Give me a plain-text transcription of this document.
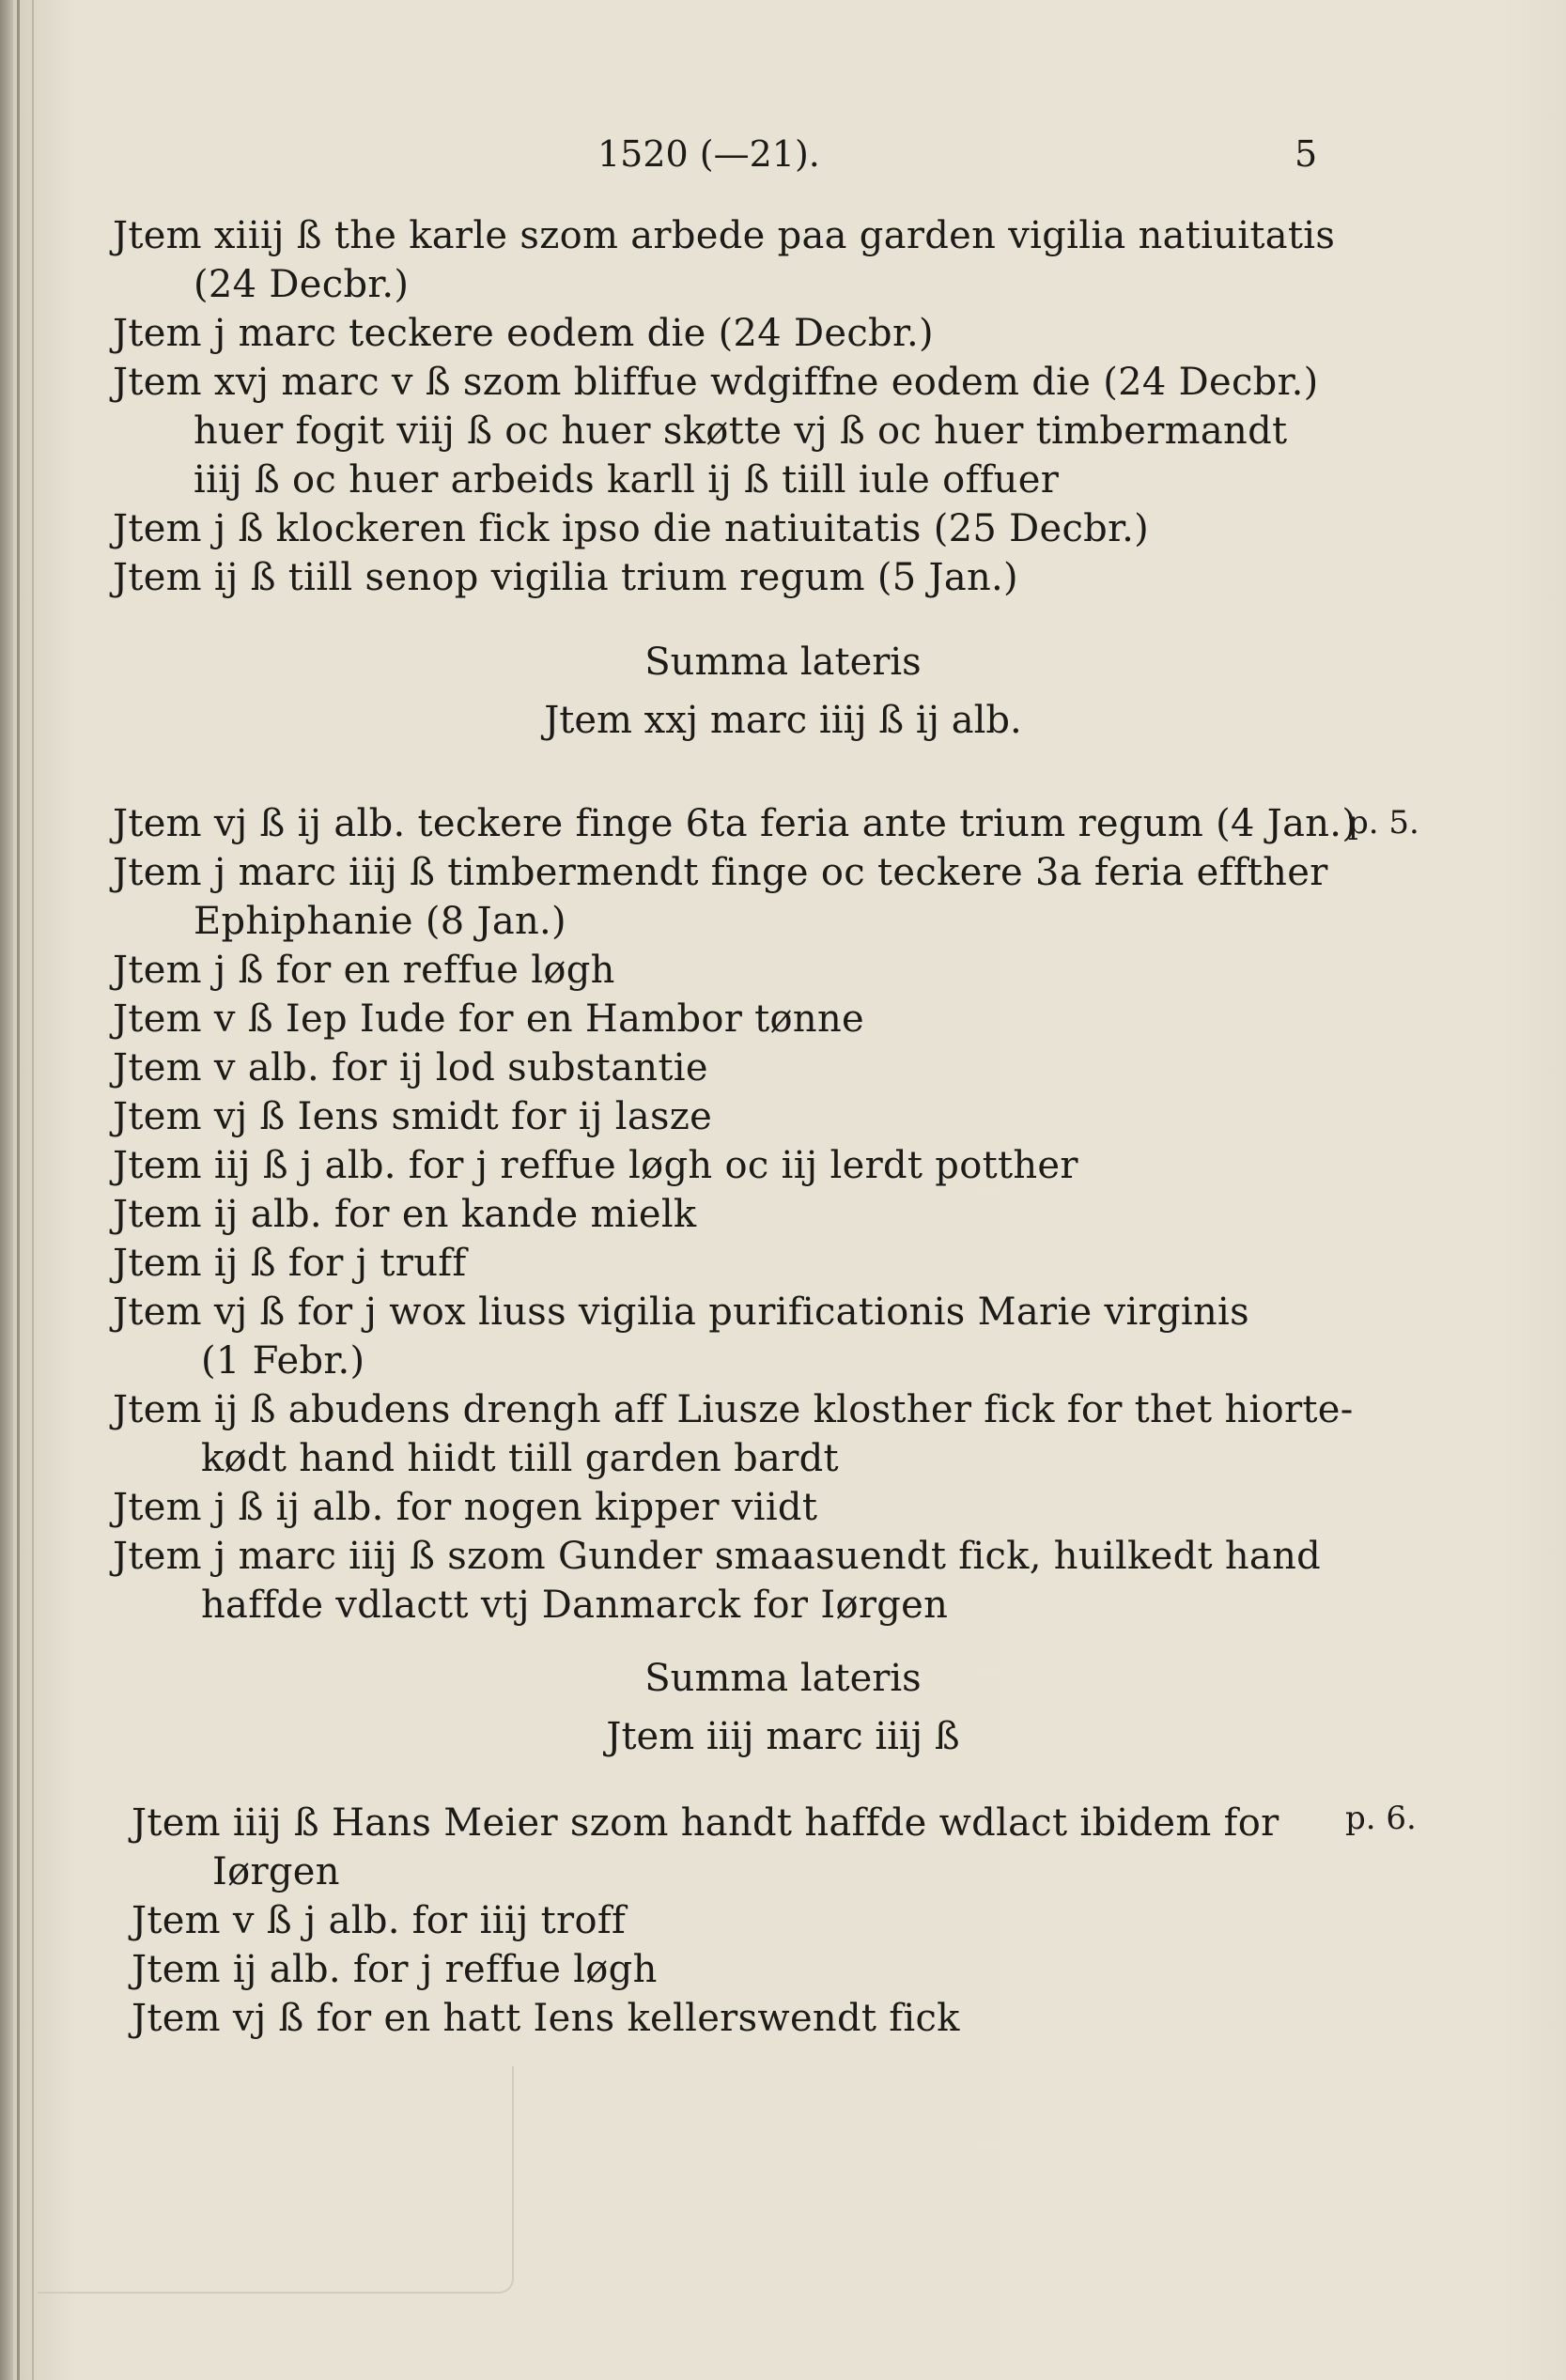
1520 (—21).	5
Jtem xiiij ß the karle szom arbede paa garden vigilia natiuitatis
(24 Decbr.)
Jtem j marc teckere eodem die (24 Decbr.)
Jtem xvj marc v ß szom bliffue wdgiffne eodem die (24 Decbr.)
huer fogit viij ß oc huer skøtte vj ß oc huer timbermandt
iiij ß oc huer arbeids karll ij ß tiill iule offuer
Jtem j ß klockeren fick ipso die natiuitatis (25 Decbr.)
Jtem ij ß tiill senop vigilia trium regum (5 Jan.)
Summa lateris
Jtem xxj marc iiij ß ij alb.
Jtem vj ß ij alb. teckere finge 6ta feria ante trium regum (4 Jan.)
p. 5.
Jtem j marc iiij ß timbermendt finge oc teckere 3a feria effther
Ephiphanie (8 Jan.)
Jtem j ß for en reffue løgh
Jtem v ß Iep Iude for en Hambor tønne
Jtem v alb. for ij lod substantie
Jtem vj ß Iens smidt for ij lasze
Jtem iij ß j alb. for j reffue løgh oc iij lerdt potther
Jtem ij alb. for en kande mielk
Jtem ij ß for j truff
Jtem vj ß for j wox liuss vigilia purificationis Marie virginis
(1 Febr.)
Jtem ij ß abudens drengh aff Liusze klosther fick for thet hiorte-
kødt hand hiidt tiill garden bardt
Jtem j ß ij alb. for nogen kipper viidt
Jtem j marc iiij ß szom Gunder smaasuendt fick, huilkedt hand
haffde vdlactt vtj Danmarck for Iørgen
Summa lateris
Jtem iiij marc iiij ß
Jtem iiij ß Hans Meier szom handt haffde wdlact ibidem for p. 6.
Iørgen
Jtem v ß j alb. for iiij troff
Jtem ij alb. for j reffue løgh
Jtem vj ß for en hatt Iens kellerswendt fick
